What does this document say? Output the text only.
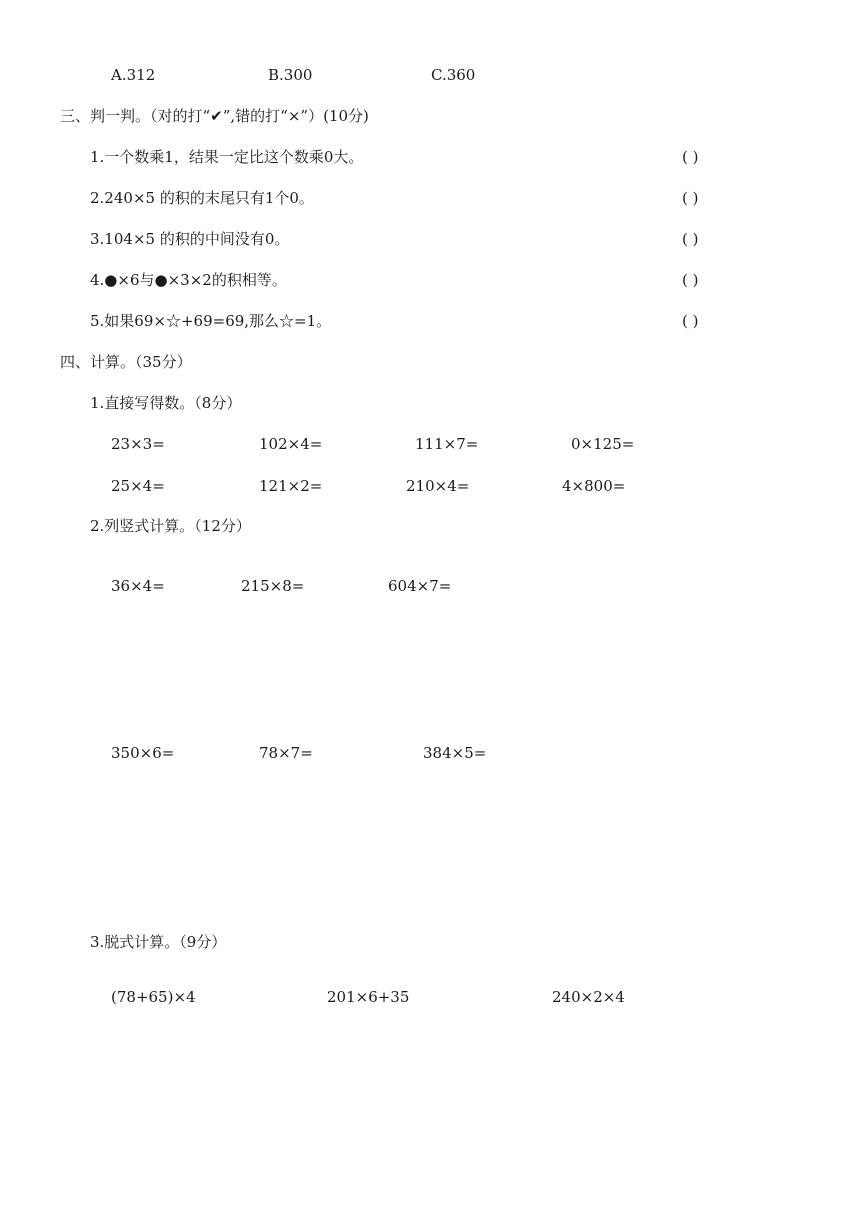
A.312	B.300	C.360
三、判一判。（对的打“✔”,错的打“×”）(10分)
1.一个数乘1，结果一定比这个数乘0大。	( )
2.240×5 的积的末尾只有1个0。	( )
3.104×5 的积的中间没有0。	( )
4.●×6与●×3×2的积相等。	( )
5.如果69×☆+69=69,那么☆=1。	( )
四、计算。（35分）
1.直接写得数。（8分）
23×3=	102×4=	111×7=	0×125=
25×4=	121×2=	210×4=	4×800=
2.列竖式计算。（12分）
36×4=	215×8=	604×7=
350×6=	78×7=	384×5=
3.脱式计算。（9分）
(78+65)×4	201×6+35	240×2×4
